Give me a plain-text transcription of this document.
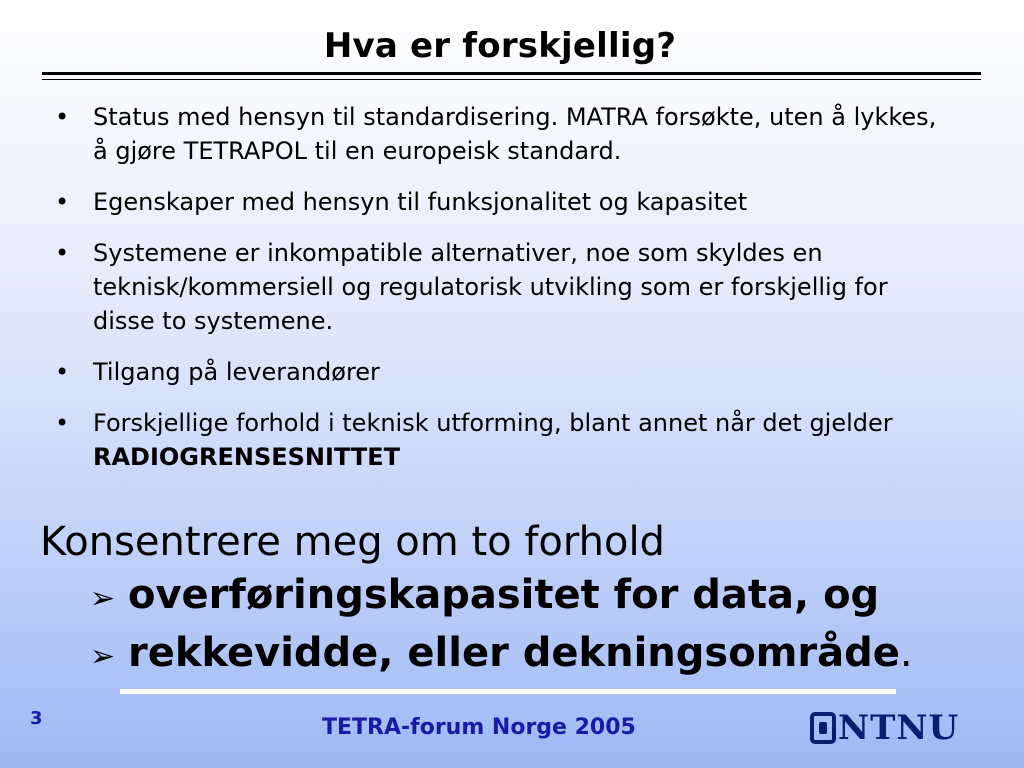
Hva er forskjellig?
• Status med hensyn til standardisering. MATRA forsøkte, uten å lykkes, å gjøre TETRAPOL til en europeisk standard.
• Egenskaper med hensyn til funksjonalitet og kapasitet
• Systemene er inkompatible alternativer, noe som skyldes en teknisk/kommersiell og regulatorisk utvikling som er forskjellig for disse to systemene.
• Tilgang på leverandører
• Forskjellige forhold i teknisk utforming, blant annet når det gjelder RADIOGRENSESNITTET
Konsentrere meg om to forhold
➢ overføringskapasitet for data, og
➢ rekkevidde, eller dekningsområde.
3	TETRA-forum Norge 2005	NTNU
